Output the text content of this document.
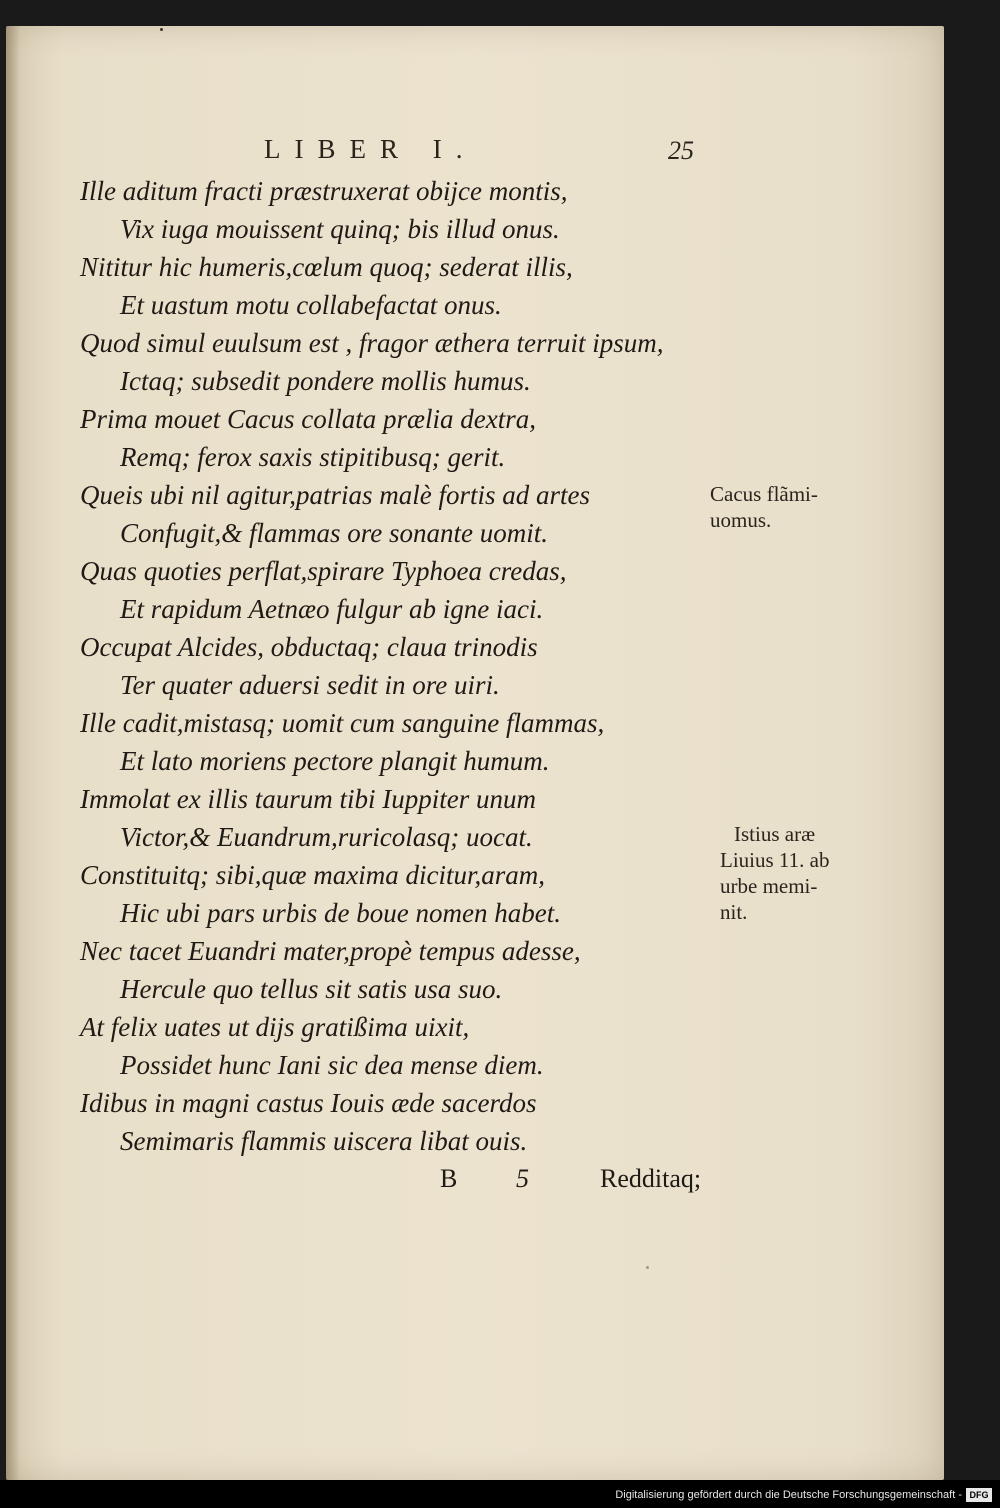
LIBER I.	25
Ille aditum fracti præstruxerat obijce montis,
Vix iuga mouissent quinq; bis illud onus.
Nititur hic humeris,cœlum quoq; sederat illis,
Et uastum motu collabefactat onus.
Quod simul euulsum est , fragor æthera terruit ipsum,
Ictaq; subsedit pondere mollis humus.
Prima mouet Cacus collata prælia dextra,
Remq; ferox saxis stipitibusq; gerit.
Queis ubi nil agitur,patrias malè fortis ad artes
Confugit,& flammas ore sonante uomit.
Quas quoties perflat,spirare Typhoea credas,
Et rapidum Aetnæo fulgur ab igne iaci.
Occupat Alcides, obductaq; claua trinodis
Ter quater aduersi sedit in ore uiri.
Ille cadit,mistasq; uomit cum sanguine flammas,
Et lato moriens pectore plangit humum.
Immolat ex illis taurum tibi Iuppiter unum
Victor,& Euandrum,ruricolasq; uocat.
Constituitq; sibi,quæ maxima dicitur,aram,
Hic ubi pars urbis de boue nomen habet.
Nec tacet Euandri mater,propè tempus adesse,
Hercule quo tellus sit satis usa suo.
At felix uates ut dijs gratißima uixit,
Possidet hunc Iani sic dea mense diem.
Idibus in magni castus Iouis æde sacerdos
Semimaris flammis uiscera libat ouis.
Cacus flãmi-
uomus.
Istius aræ
Liuius 11. ab
urbe memi-
nit.
B 5	Redditaq;
Digitalisierung gefördert durch die Deutsche Forschungsgemeinschaft - DFG
